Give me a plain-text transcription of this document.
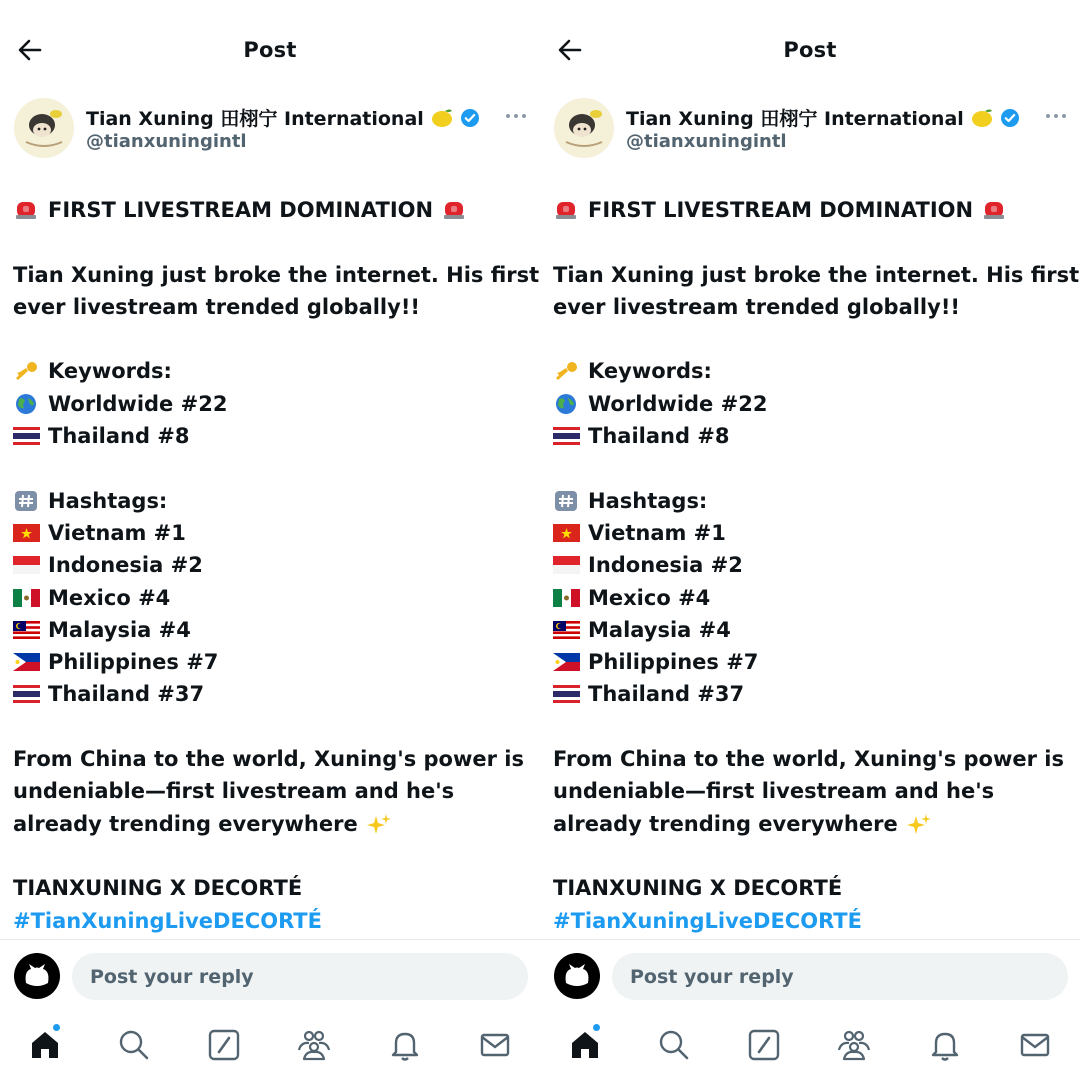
Post
Tian Xuning 田栩宁 International
@tianxuningintl
FIRST LIVESTREAM DOMINATION
Tian Xuning just broke the internet. His first
ever livestream trended globally!!
Keywords:
Worldwide #22
Thailand #8
Hashtags:
Vietnam #1
Indonesia #2
Mexico #4
Malaysia #4
Philippines #7
Thailand #37
From China to the world, Xuning's power is
undeniable—first livestream and he's
already trending everywhere
TIANXUNING X DECORTÉ
#TianXuningLiveDECORTÉ
Post your reply
Post
Tian Xuning 田栩宁 International
@tianxuningintl
FIRST LIVESTREAM DOMINATION
Tian Xuning just broke the internet. His first
ever livestream trended globally!!
Keywords:
Worldwide #22
Thailand #8
Hashtags:
Vietnam #1
Indonesia #2
Mexico #4
Malaysia #4
Philippines #7
Thailand #37
From China to the world, Xuning's power is
undeniable—first livestream and he's
already trending everywhere
TIANXUNING X DECORTÉ
#TianXuningLiveDECORTÉ
Post your reply
